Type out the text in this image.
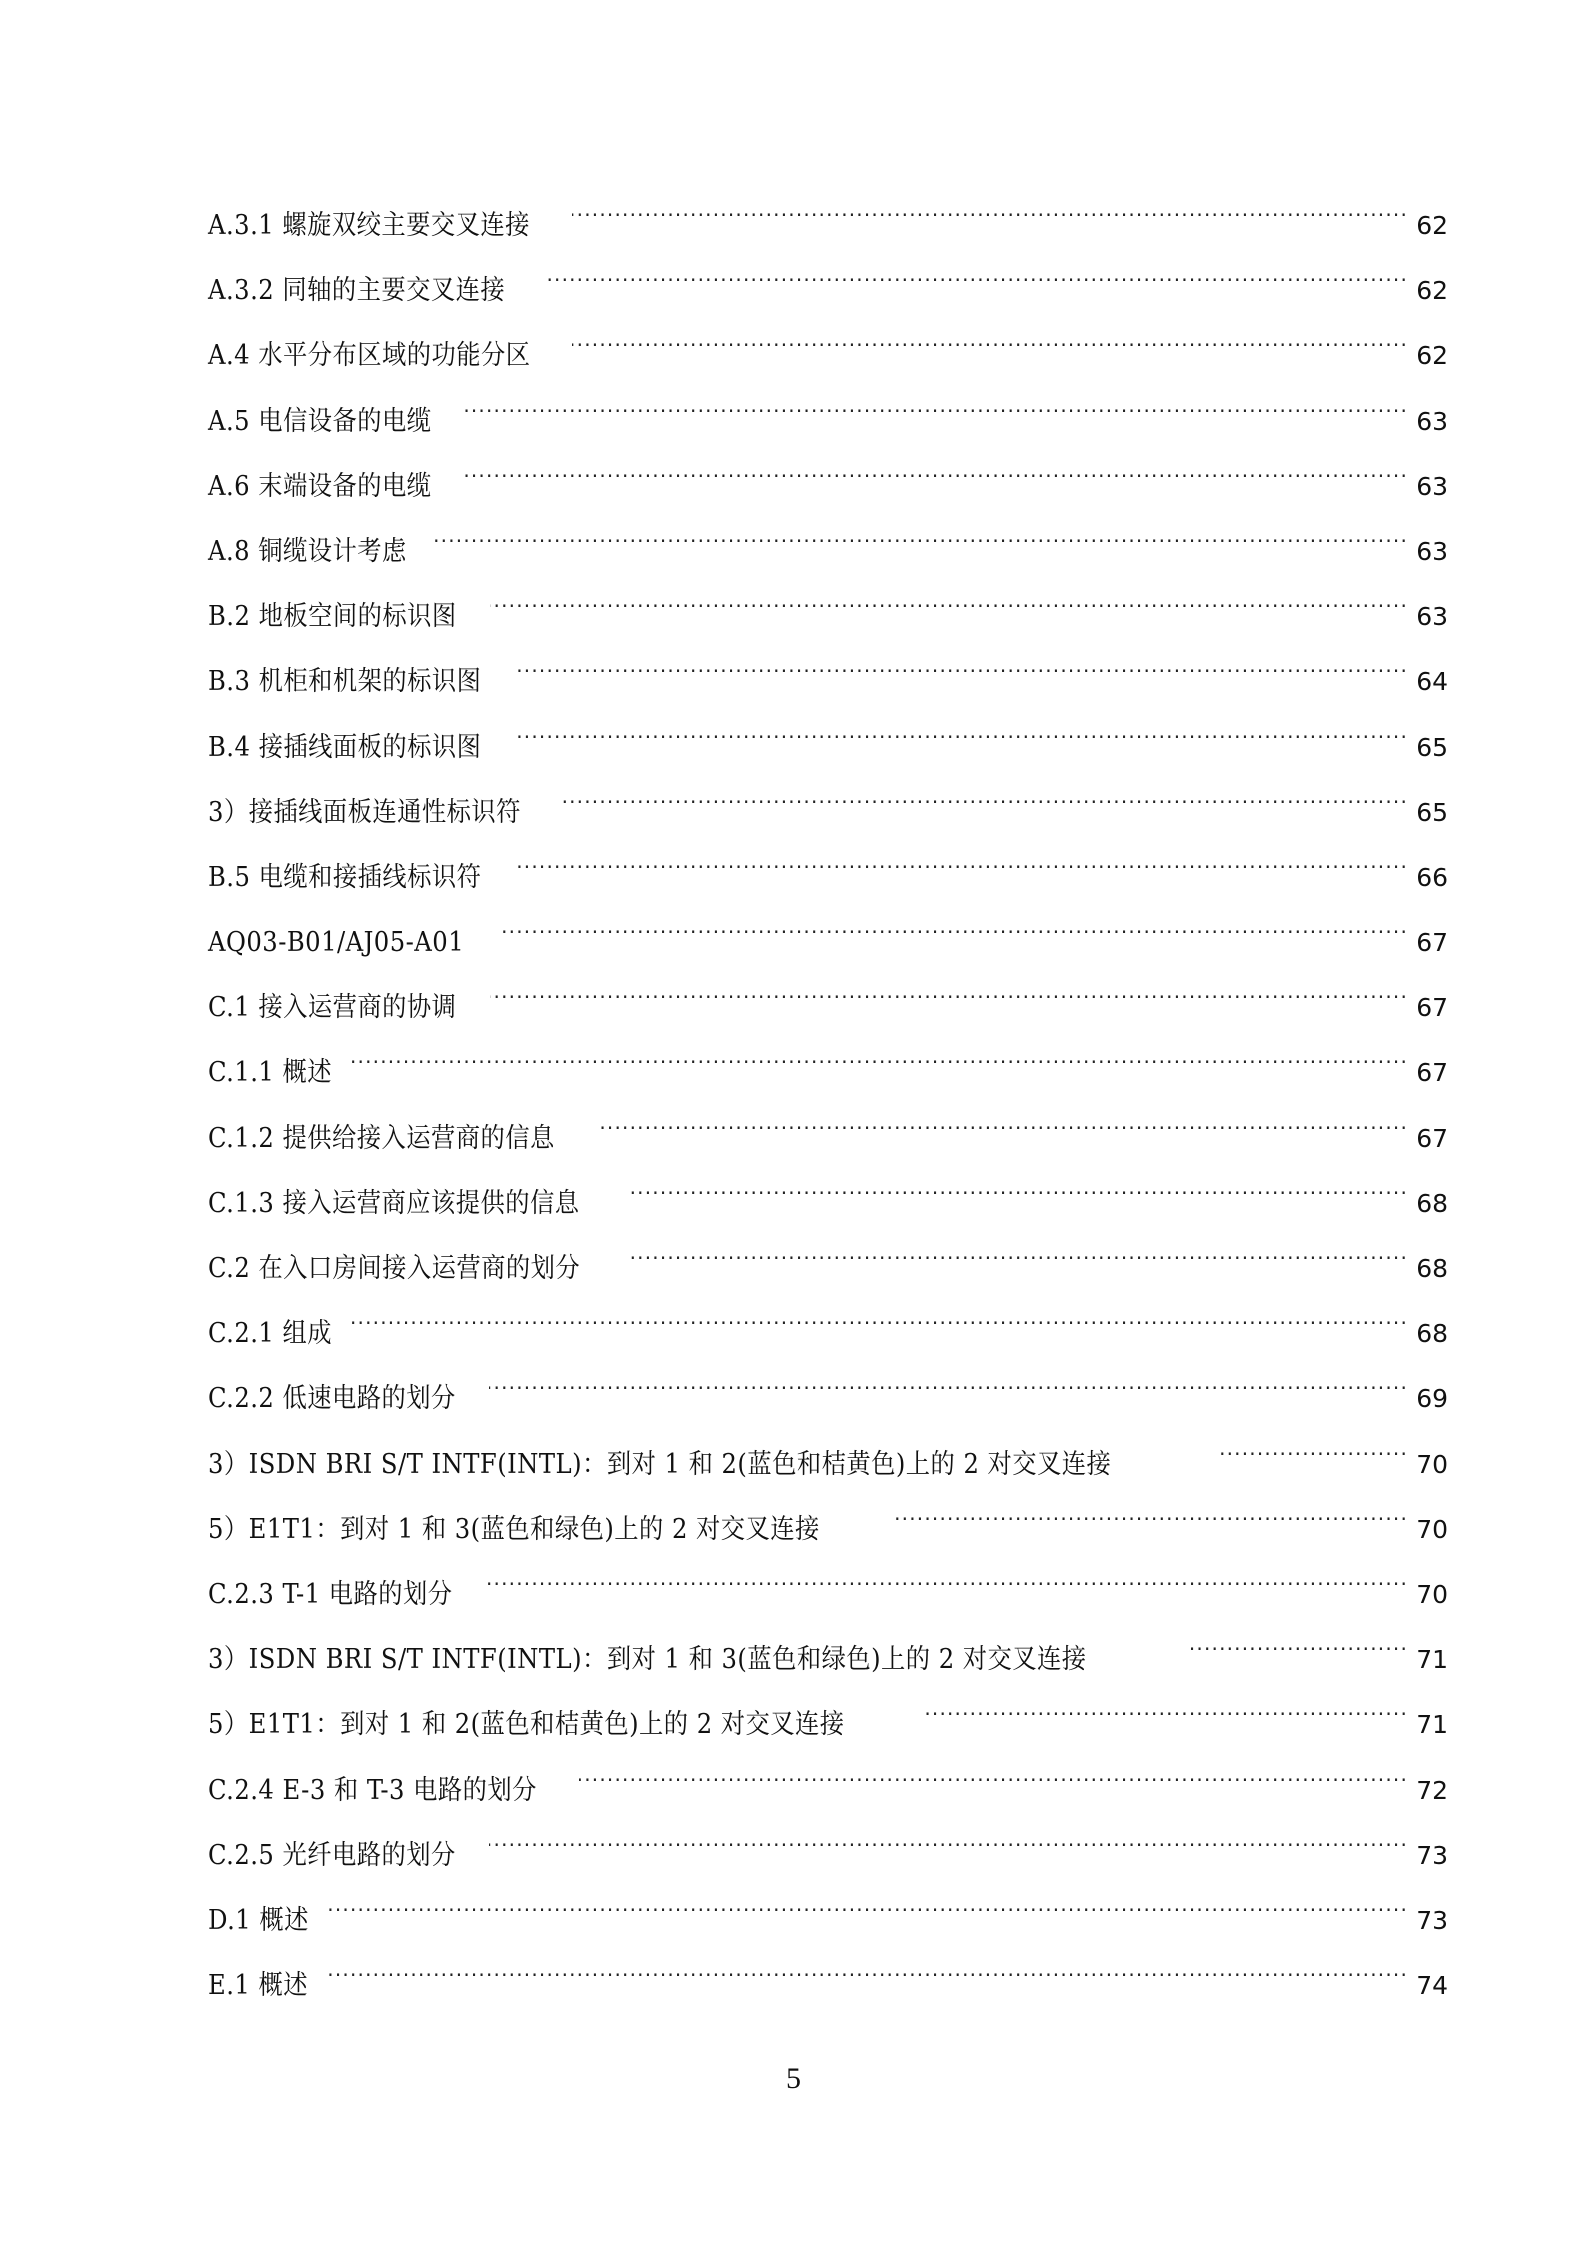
A.3.1 螺旋双绞主要交叉连接 .....	62
A.3.2 同轴的主要交叉连接 .....	62
A.4 水平分布区域的功能分区 .....	62
A.5 电信设备的电缆 .....	63
A.6 末端设备的电缆 .....	63
A.8 铜缆设计考虑 .....	63
B.2 地板空间的标识图 .....	63
B.3 机柜和机架的标识图 .....	64
B.4 接插线面板的标识图 .....	65
3）接插线面板连通性标识符 .....	65
B.5 电缆和接插线标识符 .....	66
AQ03-B01/AJ05-A01 .....	67
C.1 接入运营商的协调 .....	67
C.1.1 概述 .....	67
C.1.2 提供给接入运营商的信息 .....	67
C.1.3 接入运营商应该提供的信息 .....	68
C.2 在入口房间接入运营商的划分 .....	68
C.2.1 组成 .....	68
C.2.2 低速电路的划分 .....	69
3）ISDN BRI S/T INTF(INTL)：到对 1 和 2(蓝色和桔黄色)上的 2 对交叉连接 .....	70
5）E1T1：到对 1 和 3(蓝色和绿色)上的 2 对交叉连接 .....	70
C.2.3 T-1 电路的划分 .....	70
3）ISDN BRI S/T INTF(INTL)：到对 1 和 3(蓝色和绿色)上的 2 对交叉连接 .....	71
5）E1T1：到对 1 和 2(蓝色和桔黄色)上的 2 对交叉连接 .....	71
C.2.4 E-3 和 T-3 电路的划分 .....	72
C.2.5 光纤电路的划分 .....	73
D.1 概述 .....	73
E.1 概述 .....	74
5
